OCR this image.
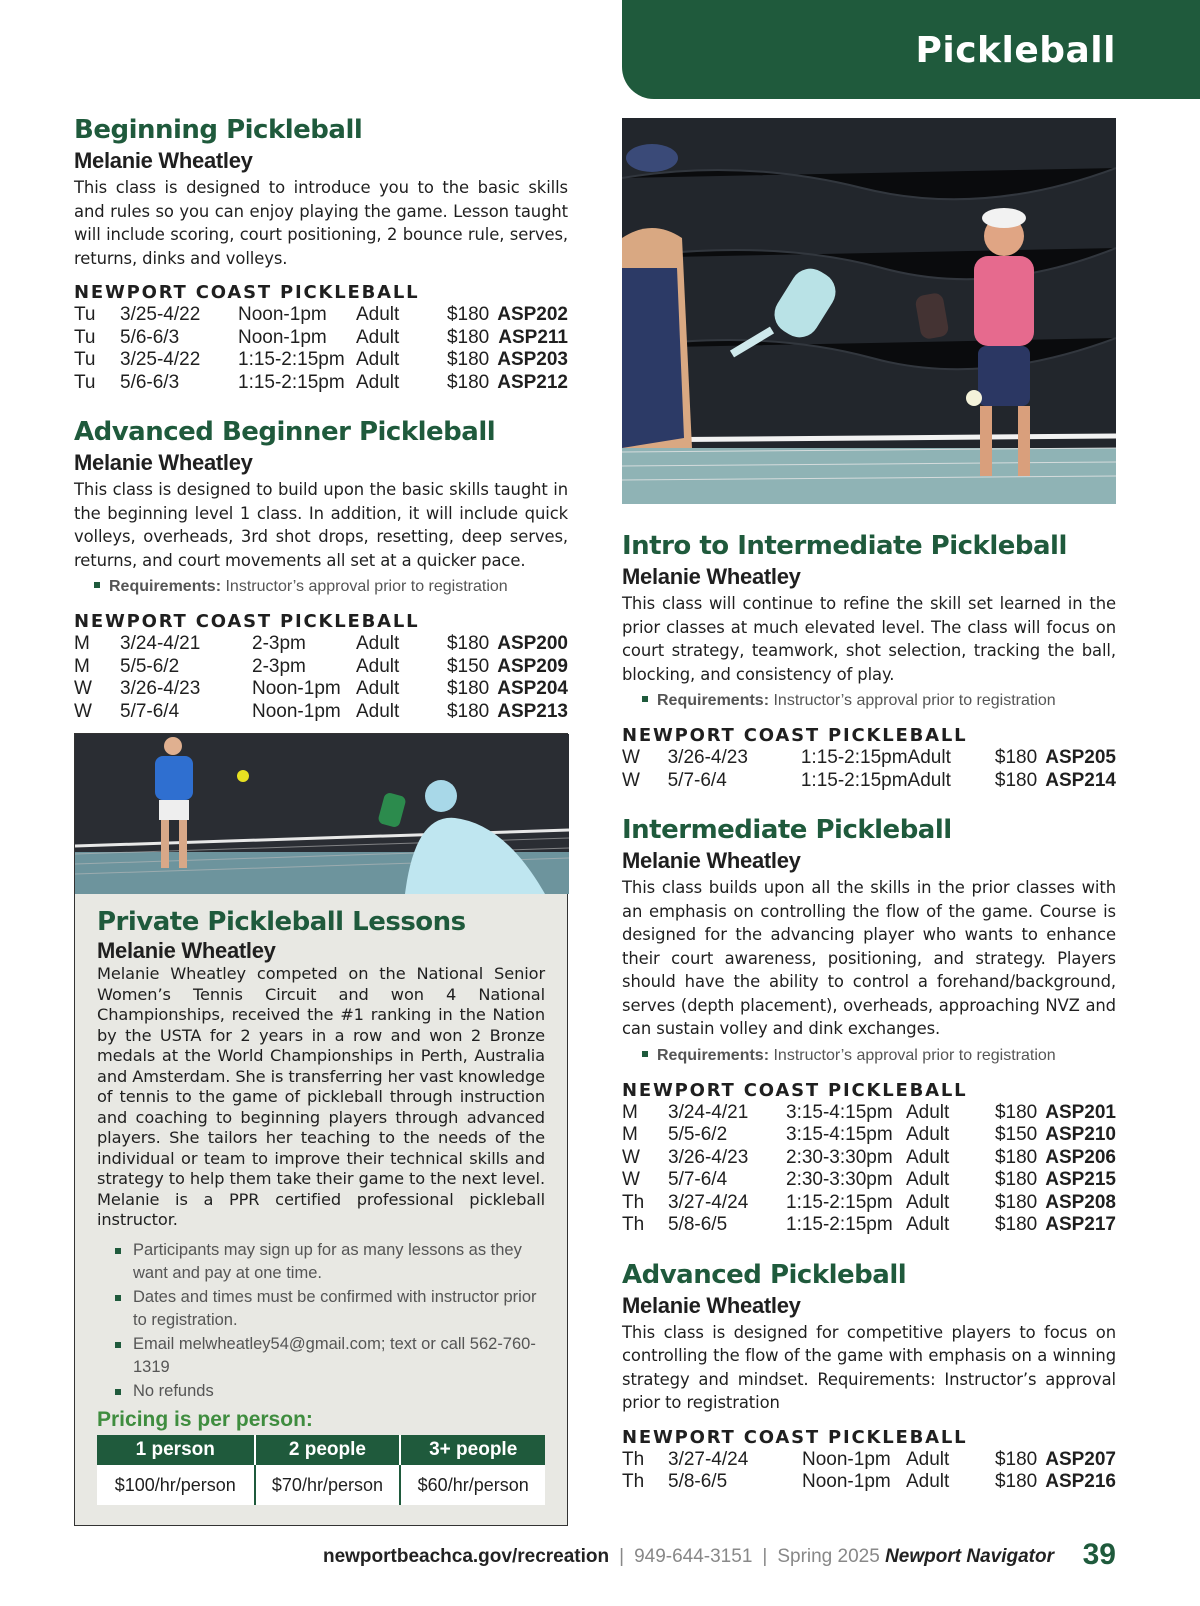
Pickleball
Beginning Pickleball
Melanie Wheatley
This class is designed to introduce you to the basic skills and rules so you can enjoy playing the game. Lesson taught will include scoring, court positioning, 2 bounce rule, serves, returns, dinks and volleys.
NEWPORT COAST PICKLEBALL
Tu	3/25-4/22	Noon-1pm	Adult	$180	ASP202
Tu	5/6-6/3	Noon-1pm	Adult	$180	ASP211
Tu	3/25-4/22	1:15-2:15pm	Adult	$180	ASP203
Tu	5/6-6/3	1:15-2:15pm	Adult	$180	ASP212
Advanced Beginner Pickleball
Melanie Wheatley
This class is designed to build upon the basic skills taught in the beginning level 1 class. In addition, it will include quick volleys, overheads, 3rd shot drops, resetting, deep serves, returns, and court movements all set at a quicker pace.
Requirements: Instructor’s approval prior to registration
NEWPORT COAST PICKLEBALL
M	3/24-4/21	2-3pm	Adult	$180	ASP200
M	5/5-6/2	2-3pm	Adult	$150	ASP209
W	3/26-4/23	Noon-1pm	Adult	$180	ASP204
W	5/7-6/4	Noon-1pm	Adult	$180	ASP213
Private Pickleball Lessons
Melanie Wheatley
Melanie Wheatley competed on the National Senior Women’s Tennis Circuit and won 4 National Championships, received the #1 ranking in the Nation by the USTA for 2 years in a row and won 2 Bronze medals at the World Championships in Perth, Australia and Amsterdam. She is transferring her vast knowledge of tennis to the game of pickleball through instruction and coaching to beginning players through advanced players. She tailors her teaching to the needs of the individual or team to improve their technical skills and strategy to help them take their game to the next level. Melanie is a PPR certified professional pickleball instructor.
Participants may sign up for as many lessons as they want and pay at one time.
Dates and times must be confirmed with instructor prior to registration.
Email melwheatley54@gmail.com; text or call 562-760-1319
No refunds
Pricing is per person:
1 person	2 people	3+ people
$100/hr/person	$70/hr/person	$60/hr/person
Intro to Intermediate Pickleball
Melanie Wheatley
This class will continue to refine the skill set learned in the prior classes at much elevated level. The class will focus on court strategy, teamwork, shot selection, tracking the ball, blocking, and consistency of play.
Requirements: Instructor’s approval prior to registration
NEWPORT COAST PICKLEBALL
W	3/26-4/23	1:15-2:15pm	Adult	$180	ASP205
W	5/7-6/4	1:15-2:15pm	Adult	$180	ASP214
Intermediate Pickleball
Melanie Wheatley
This class builds upon all the skills in the prior classes with an emphasis on controlling the flow of the game. Course is designed for the advancing player who wants to enhance their court awareness, positioning, and strategy. Players should have the ability to control a forehand/background, serves (depth placement), overheads, approaching NVZ and can sustain volley and dink exchanges.
Requirements: Instructor’s approval prior to registration
NEWPORT COAST PICKLEBALL
M	3/24-4/21	3:15-4:15pm	Adult	$180	ASP201
M	5/5-6/2	3:15-4:15pm	Adult	$150	ASP210
W	3/26-4/23	2:30-3:30pm	Adult	$180	ASP206
W	5/7-6/4	2:30-3:30pm	Adult	$180	ASP215
Th	3/27-4/24	1:15-2:15pm	Adult	$180	ASP208
Th	5/8-6/5	1:15-2:15pm	Adult	$180	ASP217
Advanced Pickleball
Melanie Wheatley
This class is designed for competitive players to focus on controlling the flow of the game with emphasis on a winning strategy and mindset. Requirements: Instructor’s approval prior to registration
NEWPORT COAST PICKLEBALL
Th	3/27-4/24	Noon-1pm	Adult	$180	ASP207
Th	5/8-6/5	Noon-1pm	Adult	$180	ASP216
newportbeachca.gov/recreation | 949-644-3151 | Spring 2025 Newport Navigator 39
